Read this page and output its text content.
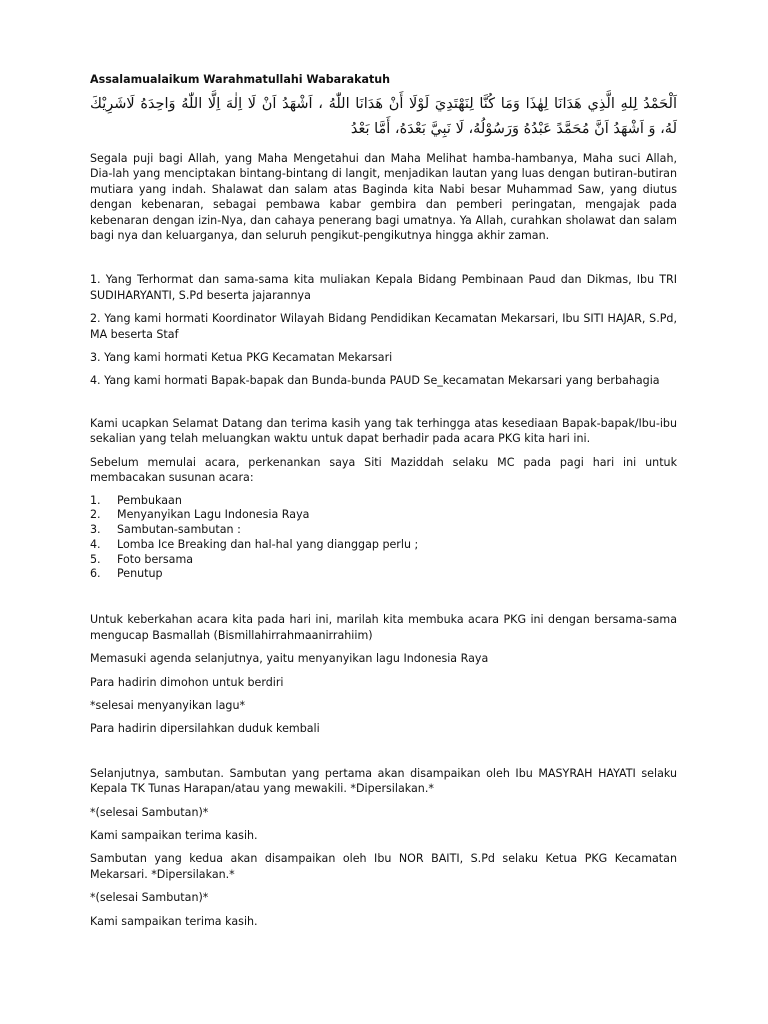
Assalamualaikum Warahmatullahi Wabarakatuh
اَلْحَمْدُ لِلهِ الَّذِي هَدَانَا لِهٰذَا وَمَا كُنَّا لِنَهْتَدِيَ لَوْلَا أَنْ هَدَانَا اللّٰهُ ، اَشْهَدُ اَنْ لَا اِلٰهَ اِلَّا اللّٰهُ وَاحِدَهُ لَاشَرِيْكَ لَهُ، وَ اَشْهَدُ اَنَّ مُحَمَّدً عَبْدُهُ وَرَسُوْلُهُ، لَا نَبِيَّ بَعْدَهُ، أَمَّا بَعْدُ

Segala puji bagi Allah, yang Maha Mengetahui dan Maha Melihat hamba-hambanya, Maha suci Allah, Dia-lah yang menciptakan bintang-bintang di langit, menjadikan lautan yang luas dengan butiran-butiran mutiara yang indah. Shalawat dan salam atas Baginda kita Nabi besar Muhammad Saw, yang diutus dengan kebenaran, sebagai pembawa kabar gembira dan pemberi peringatan, mengajak pada kebenaran dengan izin-Nya, dan cahaya penerang bagi umatnya. Ya Allah, curahkan sholawat dan salam bagi nya dan keluarganya, dan seluruh pengikut-pengikutnya hingga akhir zaman.

1. Yang Terhormat dan sama-sama kita muliakan Kepala Bidang Pembinaan Paud dan Dikmas, Ibu TRI SUDIHARYANTI, S.Pd beserta jajarannya

2. Yang kami hormati Koordinator Wilayah Bidang Pendidikan Kecamatan Mekarsari, Ibu SITI HAJAR, S.Pd, MA beserta Staf

3. Yang kami hormati Ketua PKG Kecamatan Mekarsari

4. Yang kami hormati Bapak-bapak dan Bunda-bunda PAUD Se_kecamatan Mekarsari yang berbahagia

Kami ucapkan Selamat Datang dan terima kasih yang tak terhingga atas kesediaan Bapak-bapak/Ibu-ibu sekalian yang telah meluangkan waktu untuk dapat berhadir pada acara PKG kita hari ini.

Sebelum memulai acara, perkenankan saya Siti Maziddah selaku MC pada pagi hari ini untuk membacakan susunan acara:

1.	Pembukaan
2.	Menyanyikan Lagu Indonesia Raya
3.	Sambutan-sambutan :
4.	Lomba Ice Breaking dan hal-hal yang dianggap perlu ;
5.	Foto bersama
6.	Penutup

Untuk keberkahan acara kita pada hari ini, marilah kita membuka acara PKG ini dengan bersama-sama mengucap Basmallah (Bismillahirrahmaanirrahiim)

Memasuki agenda selanjutnya, yaitu menyanyikan lagu Indonesia Raya

Para hadirin dimohon untuk berdiri

*selesai menyanyikan lagu*

Para hadirin dipersilahkan duduk kembali

Selanjutnya, sambutan. Sambutan yang pertama akan disampaikan oleh Ibu MASYRAH HAYATI selaku Kepala TK Tunas Harapan/atau yang mewakili. *Dipersilakan.*

*(selesai Sambutan)*

Kami sampaikan terima kasih.

Sambutan yang kedua akan disampaikan oleh Ibu NOR BAITI, S.Pd selaku Ketua PKG Kecamatan Mekarsari. *Dipersilakan.*

*(selesai Sambutan)*

Kami sampaikan terima kasih.
